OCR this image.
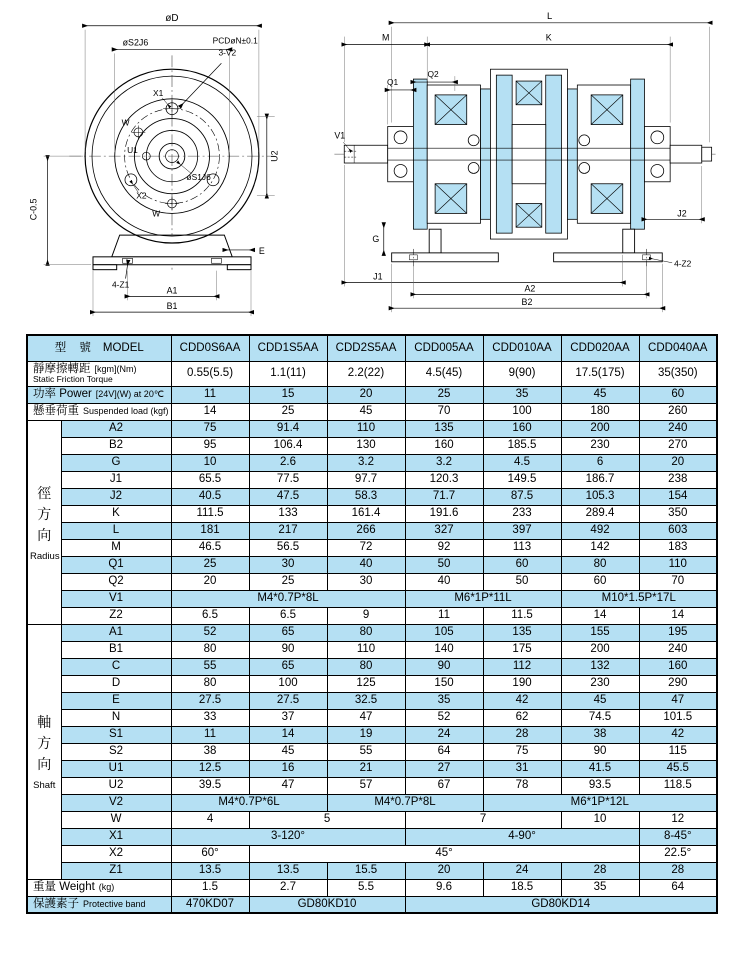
øD
øS2J6	PCDøN±0.1
3-V2
X1
W
U1
øS1J6
X2
W
U2
C-0.5
E
4-Z1
A1
B1
L
M	K
Q1
Q2
V1
G
J2
4-Z2
J1
A2
B2
型 號 MODEL		CDD0S6AA	CDD1S5AA	CDD2S5AA	CDD005AA	CDD010AA	CDD020AA	CDD040AA

靜摩擦轉距 [kgm](Nm)
Static Friction Torque		0.55(5.5)	1.1(11)	2.2(22)	4.5(45)	9(90)	17.5(175)	35(350)

功率 Power [24V](W) at 20℃		11	15	20	25	35	45	60

懸垂荷重 Suspended load (kgf)		14	25	45	70	100	180	260

徑
方
向
Radius	A2	75	91.4	110	135	160	200	240
	B2	95	106.4	130	160	185.5	230	270
	G	10	2.6	3.2	3.2	4.5	6	20
	J1	65.5	77.5	97.7	120.3	149.5	186.7	238
	J2	40.5	47.5	58.3	71.7	87.5	105.3	154
	K	111.5	133	161.4	191.6	233	289.4	350
	L	181	217	266	327	397	492	603
	M	46.5	56.5	72	92	113	142	183
	Q1	25	30	40	50	60	80	110
	Q2	20	25	30	40	50	60	70
	V1	M4*0.7P*8L			M6*1P*11L		M10*1.5P*17L	
	Z2	6.5	6.5	9	11	11.5	14	14

軸
方
向
Shaft	A1	52	65	80	105	135	155	195
	B1	80	90	110	140	175	200	240
	C	55	65	80	90	112	132	160
	D	80	100	125	150	190	230	290
	E	27.5	27.5	32.5	35	42	45	47
	N	33	37	47	52	62	74.5	101.5
	S1	11	14	19	24	28	38	42
	S2	38	45	55	64	75	90	115
	U1	12.5	16	21	27	31	41.5	45.5
	U2	39.5	47	57	67	78	93.5	118.5
	V2	M4*0.7P*6L		M4*0.7P*8L		M6*1P*12L		
	W	4	5		7		10	12
	X1	3-120°			4-90°			8-45°
	X2	60°	45°					22.5°
	Z1	13.5	13.5	15.5	20	24	28	28

重量 Weight (kg)		1.5	2.7	5.5	9.6	18.5	35	64

保護素子 Protective band		470KD07	GD80KD10		GD80KD14			
